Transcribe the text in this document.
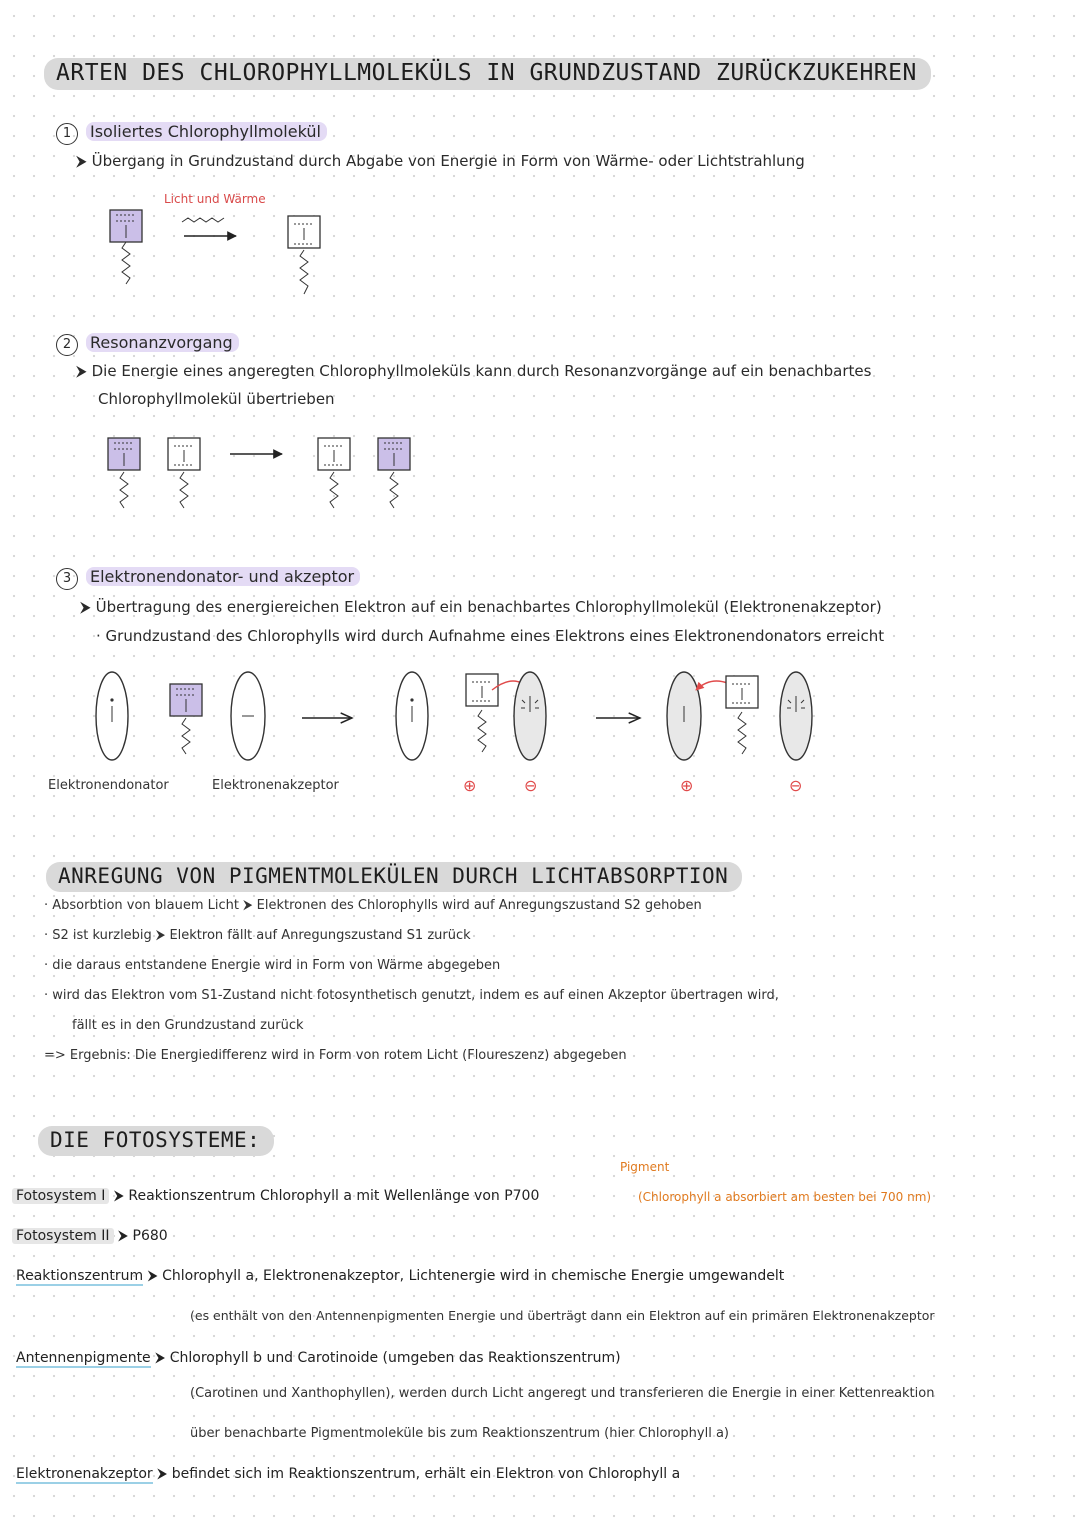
ARTEN DES CHLOROPHYLLMOLEKÜLS IN GRUNDZUSTAND ZURÜCKZUKEHREN
1 Isoliertes Chlorophyllmolekül
⮞ Übergang in Grundzustand durch Abgabe von Energie in Form von Wärme- oder Lichtstrahlung
Licht und Wärme
2 Resonanzvorgang
⮞ Die Energie eines angeregten Chlorophyllmoleküls kann durch Resonanzvorgänge auf ein benachbartes
Chlorophyllmolekül übertrieben
3 Elektronendonator- und akzeptor
⮞ Übertragung des energiereichen Elektron auf ein benachbartes Chlorophyllmolekül (Elektronenakzeptor)
· Grundzustand des Chlorophylls wird durch Aufnahme eines Elektrons eines Elektronendonators erreicht
Elektronendonator	Elektronenakzeptor	⊕	⊖	⊕	⊖
ANREGUNG VON PIGMENTMOLEKÜLEN DURCH LICHTABSORPTION
· Absorbtion von blauem Licht ⮞ Elektronen des Chlorophylls wird auf Anregungszustand S2 gehoben
· S2 ist kurzlebig ⮞ Elektron fällt auf Anregungszustand S1 zurück
· die daraus entstandene Energie wird in Form von Wärme abgegeben
· wird das Elektron vom S1-Zustand nicht fotosynthetisch genutzt, indem es auf einen Akzeptor übertragen wird,
fällt es in den Grundzustand zurück
=> Ergebnis: Die Energiedifferenz wird in Form von rotem Licht (Floureszenz) abgegeben
DIE FOTOSYSTEME:
Pigment
Fotosystem I ⮞ Reaktionszentrum Chlorophyll a mit Wellenlänge von P700	(Chlorophyll a absorbiert am besten bei 700 nm)
Fotosystem II ⮞ P680
Reaktionszentrum ⮞ Chlorophyll a, Elektronenakzeptor, Lichtenergie wird in chemische Energie umgewandelt
(es enthält von den Antennenpigmenten Energie und überträgt dann ein Elektron auf ein primären Elektronenakzeptor
Antennenpigmente ⮞ Chlorophyll b und Carotinoide (umgeben das Reaktionszentrum)
(Carotinen und Xanthophyllen), werden durch Licht angeregt und transferieren die Energie in einer Kettenreaktion
über benachbarte Pigmentmoleküle bis zum Reaktionszentrum (hier Chlorophyll a)
Elektronenakzeptor ⮞ befindet sich im Reaktionszentrum, erhält ein Elektron von Chlorophyll a
